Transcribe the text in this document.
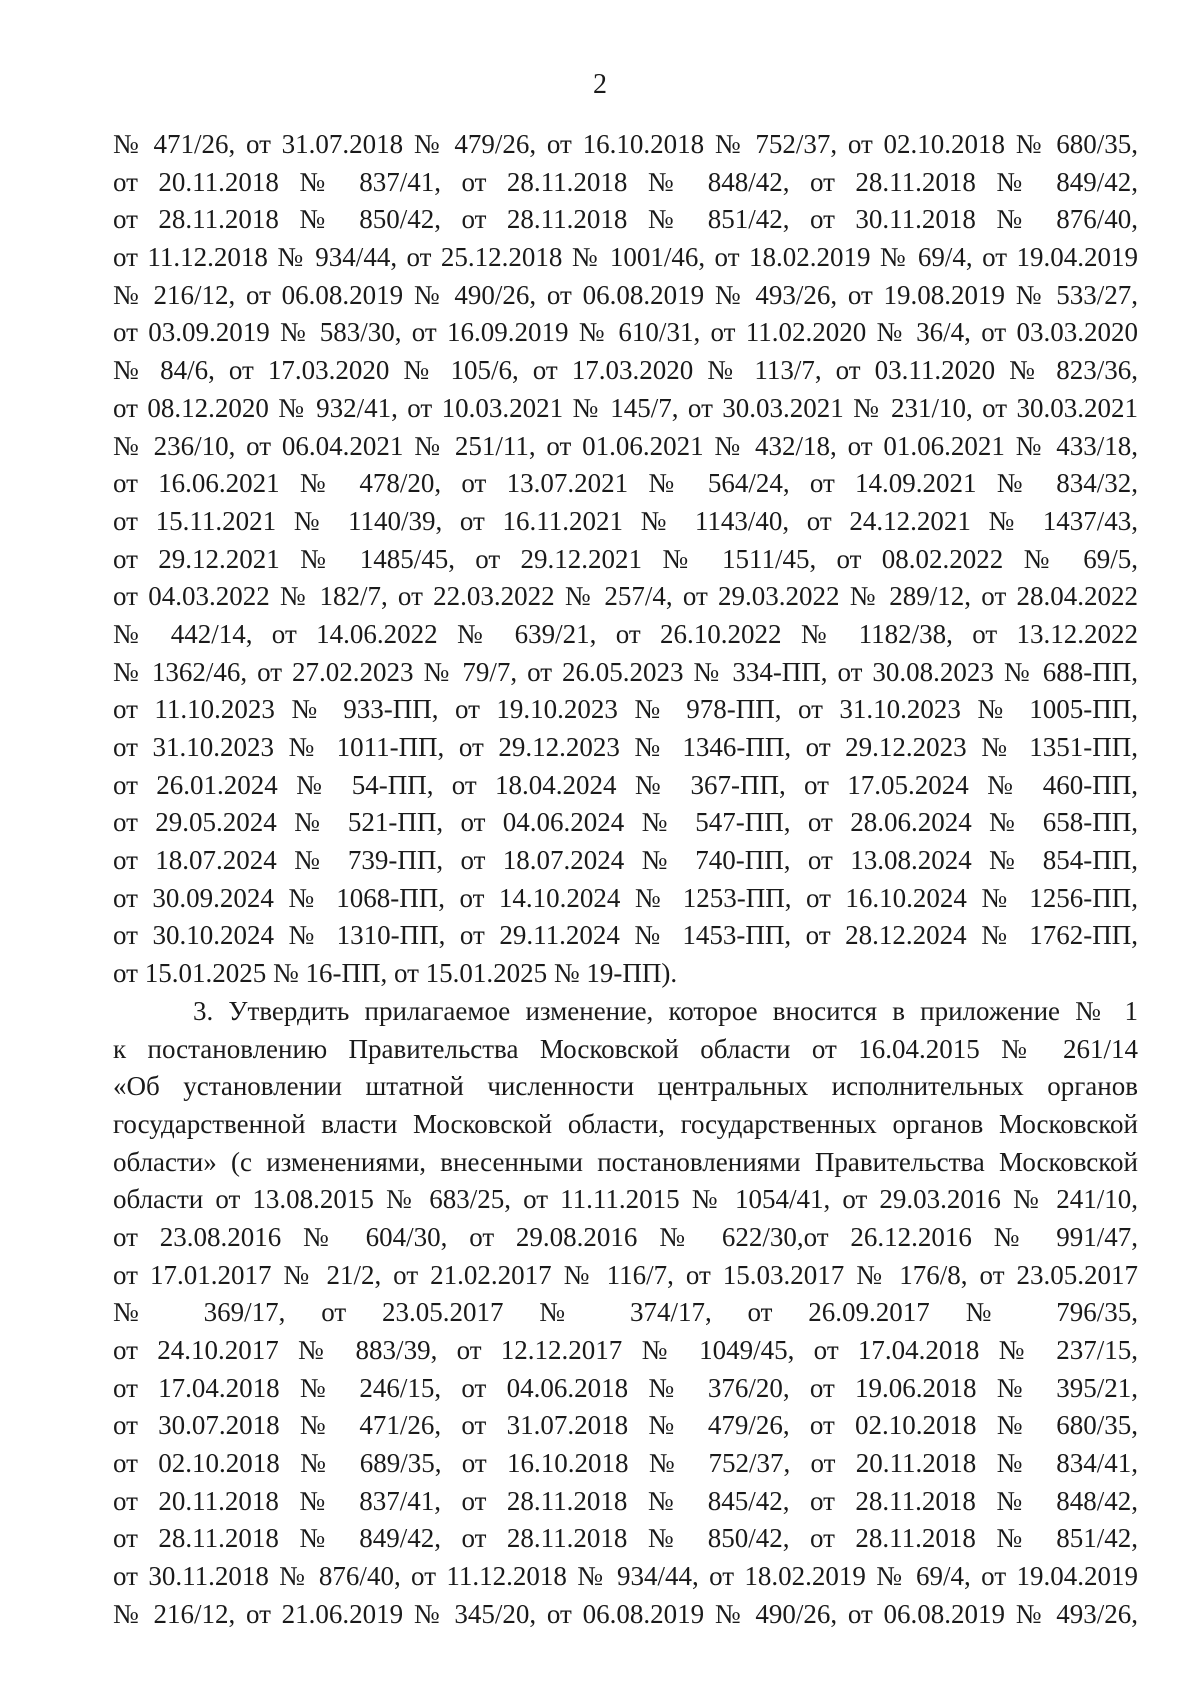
2
№ 471/26, от 31.07.2018 № 479/26, от 16.10.2018 № 752/37, от 02.10.2018 № 680/35,
от 20.11.2018 № 837/41, от 28.11.2018 № 848/42, от 28.11.2018 № 849/42,
от 28.11.2018 № 850/42, от 28.11.2018 № 851/42, от 30.11.2018 № 876/40,
от 11.12.2018 № 934/44, от 25.12.2018 № 1001/46, от 18.02.2019 № 69/4, от 19.04.2019
№ 216/12, от 06.08.2019 № 490/26, от 06.08.2019 № 493/26, от 19.08.2019 № 533/27,
от 03.09.2019 № 583/30, от 16.09.2019 № 610/31, от 11.02.2020 № 36/4, от 03.03.2020
№ 84/6, от 17.03.2020 № 105/6, от 17.03.2020 № 113/7, от 03.11.2020 № 823/36,
от 08.12.2020 № 932/41, от 10.03.2021 № 145/7, от 30.03.2021 № 231/10, от 30.03.2021
№ 236/10, от 06.04.2021 № 251/11, от 01.06.2021 № 432/18, от 01.06.2021 № 433/18,
от 16.06.2021 № 478/20, от 13.07.2021 № 564/24, от 14.09.2021 № 834/32,
от 15.11.2021 № 1140/39, от 16.11.2021 № 1143/40, от 24.12.2021 № 1437/43,
от 29.12.2021 № 1485/45, от 29.12.2021 № 1511/45, от 08.02.2022 № 69/5,
от 04.03.2022 № 182/7, от 22.03.2022 № 257/4, от 29.03.2022 № 289/12, от 28.04.2022
№ 442/14, от 14.06.2022 № 639/21, от 26.10.2022 № 1182/38, от 13.12.2022
№ 1362/46, от 27.02.2023 № 79/7, от 26.05.2023 № 334-ПП, от 30.08.2023 № 688-ПП,
от 11.10.2023 № 933-ПП, от 19.10.2023 № 978-ПП, от 31.10.2023 № 1005-ПП,
от 31.10.2023 № 1011-ПП, от 29.12.2023 № 1346-ПП, от 29.12.2023 № 1351-ПП,
от 26.01.2024 № 54-ПП, от 18.04.2024 № 367-ПП, от 17.05.2024 № 460-ПП,
от 29.05.2024 № 521-ПП, от 04.06.2024 № 547-ПП, от 28.06.2024 № 658-ПП,
от 18.07.2024 № 739-ПП, от 18.07.2024 № 740-ПП, от 13.08.2024 № 854-ПП,
от 30.09.2024 № 1068-ПП, от 14.10.2024 № 1253-ПП, от 16.10.2024 № 1256-ПП,
от 30.10.2024 № 1310-ПП, от 29.11.2024 № 1453-ПП, от 28.12.2024 № 1762-ПП,
от 15.01.2025 № 16-ПП, от 15.01.2025 № 19-ПП).
3. Утвердить прилагаемое изменение, которое вносится в приложение № 1
к постановлению Правительства Московской области от 16.04.2015 № 261/14
«Об установлении штатной численности центральных исполнительных органов
государственной власти Московской области, государственных органов Московской
области» (с изменениями, внесенными постановлениями Правительства Московской
области от 13.08.2015 № 683/25, от 11.11.2015 № 1054/41, от 29.03.2016 № 241/10,
от 23.08.2016 № 604/30, от 29.08.2016 № 622/30,от 26.12.2016 № 991/47,
от 17.01.2017 № 21/2, от 21.02.2017 № 116/7, от 15.03.2017 № 176/8, от 23.05.2017
№ 369/17, от 23.05.2017 № 374/17, от 26.09.2017 № 796/35,
от 24.10.2017 № 883/39, от 12.12.2017 № 1049/45, от 17.04.2018 № 237/15,
от 17.04.2018 № 246/15, от 04.06.2018 № 376/20, от 19.06.2018 № 395/21,
от 30.07.2018 № 471/26, от 31.07.2018 № 479/26, от 02.10.2018 № 680/35,
от 02.10.2018 № 689/35, от 16.10.2018 № 752/37, от 20.11.2018 № 834/41,
от 20.11.2018 № 837/41, от 28.11.2018 № 845/42, от 28.11.2018 № 848/42,
от 28.11.2018 № 849/42, от 28.11.2018 № 850/42, от 28.11.2018 № 851/42,
от 30.11.2018 № 876/40, от 11.12.2018 № 934/44, от 18.02.2019 № 69/4, от 19.04.2019
№ 216/12, от 21.06.2019 № 345/20, от 06.08.2019 № 490/26, от 06.08.2019 № 493/26,
